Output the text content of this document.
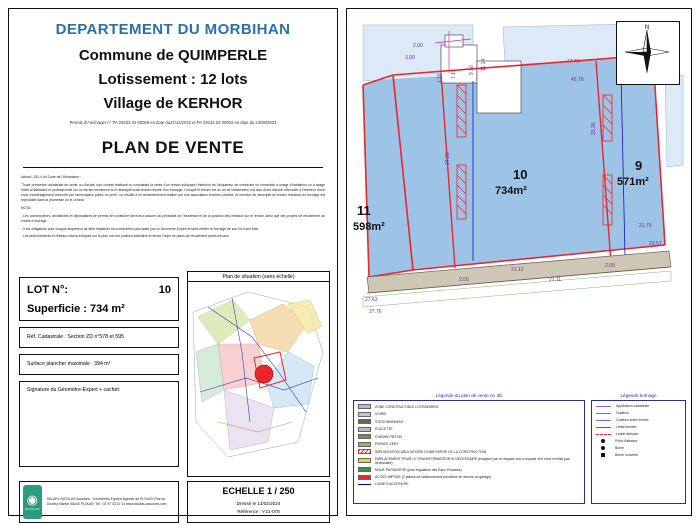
DEPARTEMENT DU MORBIHAN
Commune de QUIMPERLE
Lotissement : 12 lots
Village de KERHOR
Permis d'Aménager n° PA 29233 22 00008 en date du22/12/2022 et PA 29233 23 00004 en date du 24/08/2023
PLAN DE VENTE

Article L152-4 du Code de l'Urbanisme :

"Toute promesse unilatérale de vente ou d'achat, tout contrat réalisant ou constatant la vente d'un terrain indiquant l'intention de l'acquéreur de construire un immeuble à usage d'habitation ou à usage mixte d'habitation et professionnel sur ce terrain mentionne si le descriptif dudit terrain résulte d'un bornage. Lorsque le terrain est un lot de lotissement, est issu d'une division effectuée à l'intérieur d'une zone d'aménagement concerté par l'aménageur public ou privé, ou résulte d'un remembrement réalisé par une association foncière urbaine, la mention du descriptif du terrain résultant du bornage est reproduite dans la promesse ou le contrat."

NOTA :

- Les constructeurs, architectes et dépositaires de permis de construire devront s'assurer au préalable de l'existence et de la position des réseaux sur le terrain, ainsi que des projets de recolement au maître d'ouvrage.

- Il est obligatoire pour chaque acquéreur de faire implanter sa construction principale par un Géomètre-Expert et faire vérifier le bornage de son lot à ses frais.

- Les branchements et réseaux divers indiqués sur le plan ont une position indicative et feront l'objet de plans de recolement après travaux.

LOT N°:	10
Superficie : 734 m²
Réf. Cadastrale : Section ZD n°578 et 595
Surface plancher maximale : 394 m²
Signature du Géomètre-Expert + cachet:
Plan de situation (sans échelle)
◉
NICOLAS
SELARL NICOLAS Associés - Géomètres-Experts Agence de PLOUAY Rue du Docteur Barthe 56240 PLOUAY Tél : 02 97 33 22 10 www.nicolas-associes.com
ECHELLE 1 / 250
Dressé le 13/02/2024
Référence : Y21-078
10
734m²
9
571m²
11
598m²
2.00
-47.79-
45.79
23.30
21.12
21.11
2.09
24.35
2.00
27.63
27.76
21.79
23.57
1.16 7.12 9.16 11.14
3.90
N
Légende du plan de vente en 3D
ZONE CONSTRUCTIBLE LOTISSEMENT
VOIRIE
STATIONNEMENT
PLACETTE
CHEMIN PIETON
ESPACE VERT
IMPLANTATION OBLIGATOIRE D'UNE PARTIE DE LA CONSTRUCTION
EMPLACEMENT POUR LE TRANSFORMATEUR SI NECESSAIRE (emplacé par un espace vert si espace vert n'est ni initial pas nécessaire)
NOUE PAYSAGERE (pour régulation des Eaux Pluviales)
ACCES IMPOSE (2 places de stationnement privatives en dehors du garage)
LIGNE D'ACCROCHE
Légende bornage
Application cadastrale
Cotation
Cotation entre bornes
Limite bornée
Limite divisoire
Point d'attache
Borne
Borne nouvelle
